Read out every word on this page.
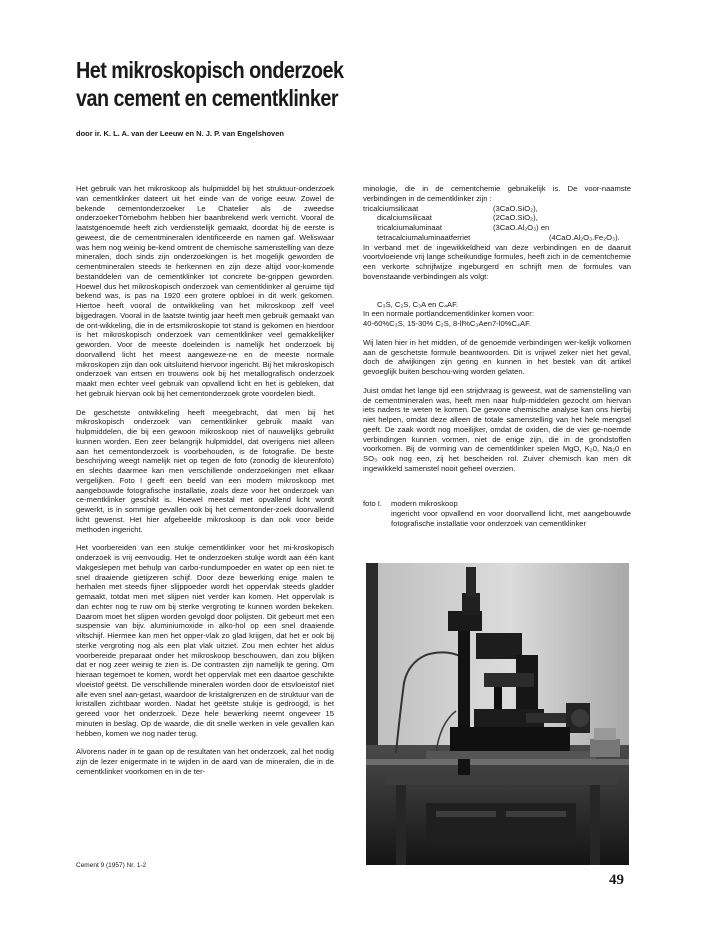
Het mikroskopisch onderzoek
van cement en cementklinker
door ir. K. L. A. van der Leeuw en N. J. P. van Engelshoven

Het gebruik van het mikroskoop als hulpmiddel bij het struktuur-onderzoek van cementklinker dateert uit het einde van de vorige eeuw. Zowel de bekende cementonderzoeker Le Chatelier als de zweedse onderzoekerTörnebohm hebben hier baanbrekend werk verricht. Vooral de laatstgenoemde heeft zich verdienstelijk gemaakt, doordat hij de eerste is geweest, die de cementmineralen identificeerde en namen gaf. Weliswaar was hem nog weinig be-kend omtrent de chemische samenstelling van deze mineralen, doch sinds zijn onderzoekingen is het mogelijk geworden de cementmineralen steeds te herkennen en zijn deze altijd voor-komende bestanddelen van de cementklinker tot concrete be-grippen geworden. Hoewel dus het mikroskopisch onderzoek van cementklinker al geruime tijd bekend was, is pas na 1920 een grotere opbloei in dit werk gekomen. Hiertoe heeft vooral de ontwikkeling van het mikroskoop zelf veel bijgedragen. Vooral in de laatste twintig jaar heeft men gebruik gemaakt van de ont-wikkeling, die in de ertsmikroskopie tot stand is gekomen en hierdoor is het mikroskopisch onderzoek van cementklinker veel gemakkelijker geworden. Voor de meeste doeleinden is namelijk het onderzoek bij doorvallend licht het meest aangeweze-ne en de meeste normale mikroskopen zijn dan ook uitsluitend hiervoor ingericht. Bij het mikroskopisch onderzoek van ertsen en trouwens ook bij het metallografisch onderzoek maakt men echter veel gebruik van opvallend licht en het is gebleken, dat het gebruik hiervan ook bij het cementonderzoek grote voordelen biedt.

De geschetste ontwikkeling heeft meegebracht, dat men bij het mikroskopisch onderzoek van cementklinker gebruik maakt van hulpmiddelen, die bij een gewoon mikroskoop niet of nauwelijks gebruikt kunnen worden. Een zeer belangrijk hulpmiddel, dat overigens niet alleen aan het cementonderzoek is voorbehouden, is de fotografie. De beste beschrijving weegt namelijk niet op tegen de foto (zonodig de kleurenfoto) en slechts daarmee kan men verschillende onderzoekingen met elkaar vergelijken. Foto I geeft een beeld van een modern mikroskoop met aangebouwde fotografische installatie, zoals deze voor het onderzoek van ce-mentklinker geschikt is. Hoewel meestal met opvallend licht wordt gewerkt, is in sommige gevallen ook bij het cementonder-zoek doorvallend licht gewenst. Het hier afgebeelde mikroskoop is dan ook voor beide methoden ingericht.

Het voorbereiden van een stukje cementklinker voor het mi-kroskopisch onderzoek is vrij eenvoudig. Het te onderzoeken stukje wordt aan één kant vlakgeslepen met behulp van carbo-rundumpoeder en water op een niet te snel draaiende gietijzeren schijf. Door deze bewerking enige malen te herhalen met steeds fijner slijppoeder wordt het oppervlak steeds gladder gemaakt, totdat men met slijpen niet verder kan komen. Het oppervlak is dan echter nog te ruw om bij sterke vergroting te kunnen worden bekeken. Daarom moet het slijpen worden gevolgd door polijsten. Dit gebeurt met een suspensie van bijv. aluminiumoxide in alko-hol op een snel draaiende viltschijf. Hiermee kan men het opper-vlak zo glad krijgen, dat het er ook bij sterke vergroting nog als een plat vlak uitziet. Zou men echter het aldus voorbereide preparaat onder het mikroskoop beschouwen, dan zou blijken dat er nog zeer weinig te zien is. De contrasten zijn namelijk te gering. Om hieraan tegemoet te komen, wordt het oppervlak met een daartoe geschikte vloeistof geëtst. De verschillende mineralen worden door de etsvloeistof niet alle even snel aan-getast, waardoor de kristalgrenzen en de struktuur van de kristallen zichtbaar worden. Nadat het geëtste stukje is gedroogd, is het gereed voor het onderzoek. Deze hele bewerking neemt ongeveer 15 minuten in beslag. Op de waarde, die dit snelle werken in vele gevallen kan hebben, komen we nog nader terug.

Alvorens nader in te gaan op de resultaten van het onderzoek, zal het nodig zijn de lezer enigermate in te wijden in de aard van de mineralen, die in de cementklinker voorkomen en in de ter-

minologie, die in de cementchemie gebruikelijk is. De voor-naamste verbindingen in de cementklinker zijn :
tricalciumsilicaat	(3CaO.SiO₂),
dicalciumsilicaat	(2CaO.SiO₂),
tricalciumaluminaat	(3CaO.Al₂O₃) en
tetracalciumaluminaatferriet	(4CaO.Al₂O₃.Fe₂O₃).

In verband met de ingewikkeldheid van deze verbindingen en de daaruit voortvloeiende vrij lange scheikundige formules, heeft zich in de cementchemie een verkorte schrijfwijze ingeburgerd en schrijft men de formules van bovenstaande verbindingen als volgt:

C₃S, C₂S, C₃A en C₄AF.
In een normale portlandcementklinker komen voor:

40-60%C₃S, 15-30% C₂S, 8-ll%C₃Aen7-l0%C₄AF.

Wij laten hier in het midden, of de genoemde verbindingen wer-kelijk volkomen aan de geschetste formule beantwoorden. Dit is vrijwel zeker niet het geval, doch de afwijkingen zijn gering en kunnen in het bestek van dit artikel gevoeglijk buiten beschou-wing worden gelaten.

Juist omdat het lange tijd een strijdvraag is geweest, wat de samenstelling van de cementmineralen was, heeft men naar hulp-middelen gezocht om hiervan iets naders te weten te komen. De gewone chemische analyse kan ons hierbij niet helpen, omdat deze alleen de totale samenstelling van het hele mengsel geeft. De zaak wordt nog moeilijker, omdat de oxiden, die de vier ge-noemde verbindingen kunnen vormen, niet de enige zijn, die in de grondstoffen voorkomen. Bij de vorming van de cementklinker spelen MgO, K₂0, Na₂0 en SO₃ ook nog een, zij het bescheiden rol. Zuiver chemisch kan men dit ingewikkeld samenstel nooit geheel overzien.

foto I.	modern mikroskoop
ingericht voor opvallend en voor doorvallend licht, met aangebouwde fotografische installatie voor onderzoek van cementklinker
Cement 9 (1957) Nr. 1-2
49
